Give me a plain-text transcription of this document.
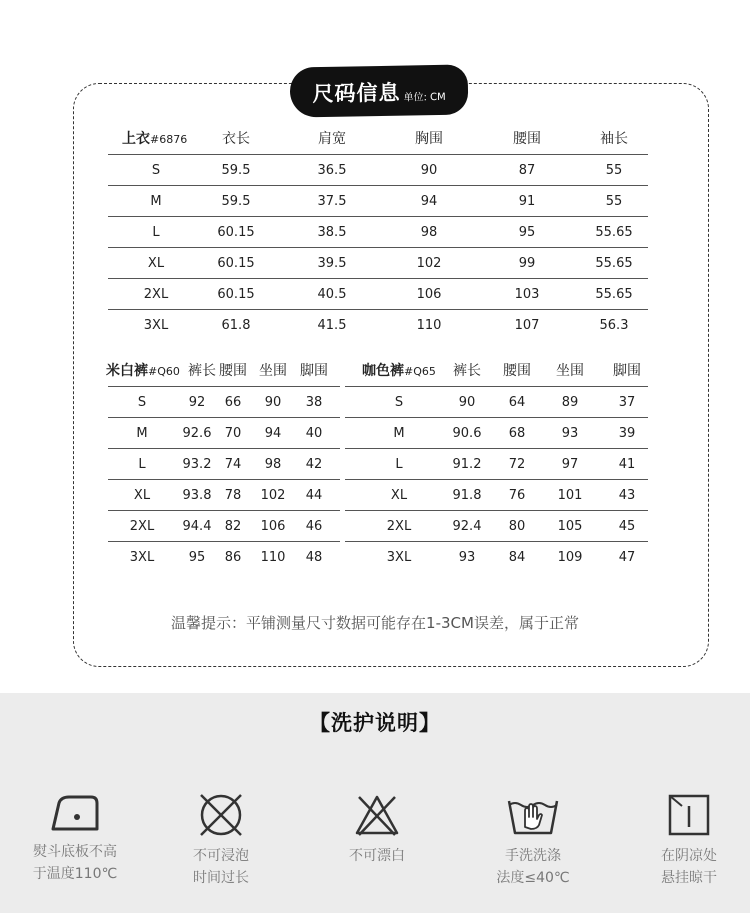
尺码信息 单位: CM
上衣#6876	衣长	肩宽	胸围	腰围	袖长
S	59.5	36.5	90	87	55
M	59.5	37.5	94	91	55
L	60.15	38.5	98	95	55.65
XL	60.15	39.5	102	99	55.65
2XL	60.15	40.5	106	103	55.65
3XL	61.8	41.5	110	107	56.3
米白裤#Q60 裤长 腰围 坐围 脚围
S	92	66	90	38
M	92.6	70	94	40
L	93.2	74	98	42
XL	93.8	78	102	44
2XL	94.4	82	106	46
3XL	95	86	110	48
咖色裤#Q65	裤长	腰围	坐围	脚围
S	90	64	89	37
M	90.6	68	93	39
L	91.2	72	97	41
XL	91.8	76	101	43
2XL	92.4	80	105	45
3XL	93	84	109	47
温馨提示：平铺测量尺寸数据可能存在1-3CM误差，属于正常
【洗护说明】
熨斗底板不高
于温度110℃
不可浸泡
时间过长
不可漂白	手洗洗涤
法度≤40℃
在阴凉处
悬挂晾干
